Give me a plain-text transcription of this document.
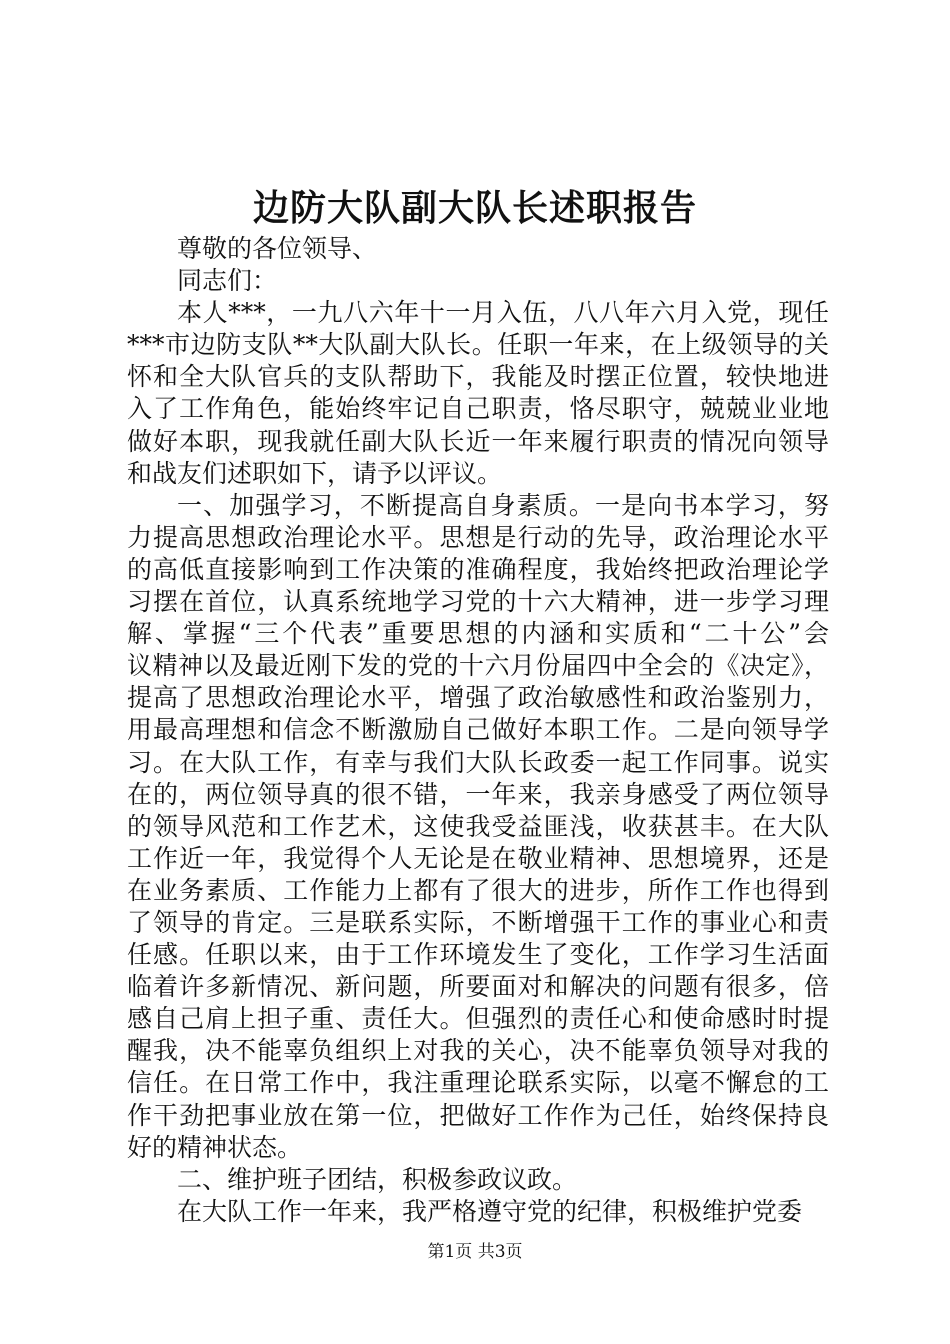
边防大队副大队长述职报告
尊敬的各位领导、
同志们：
本人***，一九八六年十一月入伍，八八年六月入党，现任
***市边防支队**大队副大队长。任职一年来，在上级领导的关
怀和全大队官兵的支队帮助下，我能及时摆正位置，较快地进
入了工作角色，能始终牢记自己职责，恪尽职守，兢兢业业地
做好本职，现我就任副大队长近一年来履行职责的情况向领导
和战友们述职如下，请予以评议。
一、加强学习，不断提高自身素质。一是向书本学习，努
力提高思想政治理论水平。思想是行动的先导，政治理论水平
的高低直接影响到工作决策的准确程度，我始终把政治理论学
习摆在首位，认真系统地学习党的十六大精神，进一步学习理
解、掌握“三个代表”重要思想的内涵和实质和“二十公”会
议精神以及最近刚下发的党的十六月份届四中全会的《决定》，
提高了思想政治理论水平，增强了政治敏感性和政治鉴别力，
用最高理想和信念不断激励自己做好本职工作。二是向领导学
习。在大队工作，有幸与我们大队长政委一起工作同事。说实
在的，两位领导真的很不错，一年来，我亲身感受了两位领导
的领导风范和工作艺术，这使我受益匪浅，收获甚丰。在大队
工作近一年，我觉得个人无论是在敬业精神、思想境界，还是
在业务素质、工作能力上都有了很大的进步，所作工作也得到
了领导的肯定。三是联系实际，不断增强干工作的事业心和责
任感。任职以来，由于工作环境发生了变化，工作学习生活面
临着许多新情况、新问题，所要面对和解决的问题有很多，倍
感自己肩上担子重、责任大。但强烈的责任心和使命感时时提
醒我，决不能辜负组织上对我的关心，决不能辜负领导对我的
信任。在日常工作中，我注重理论联系实际，以毫不懈怠的工
作干劲把事业放在第一位，把做好工作作为己任，始终保持良
好的精神状态。
二、维护班子团结，积极参政议政。
在大队工作一年来，我严格遵守党的纪律，积极维护党委
第1页 共3页
